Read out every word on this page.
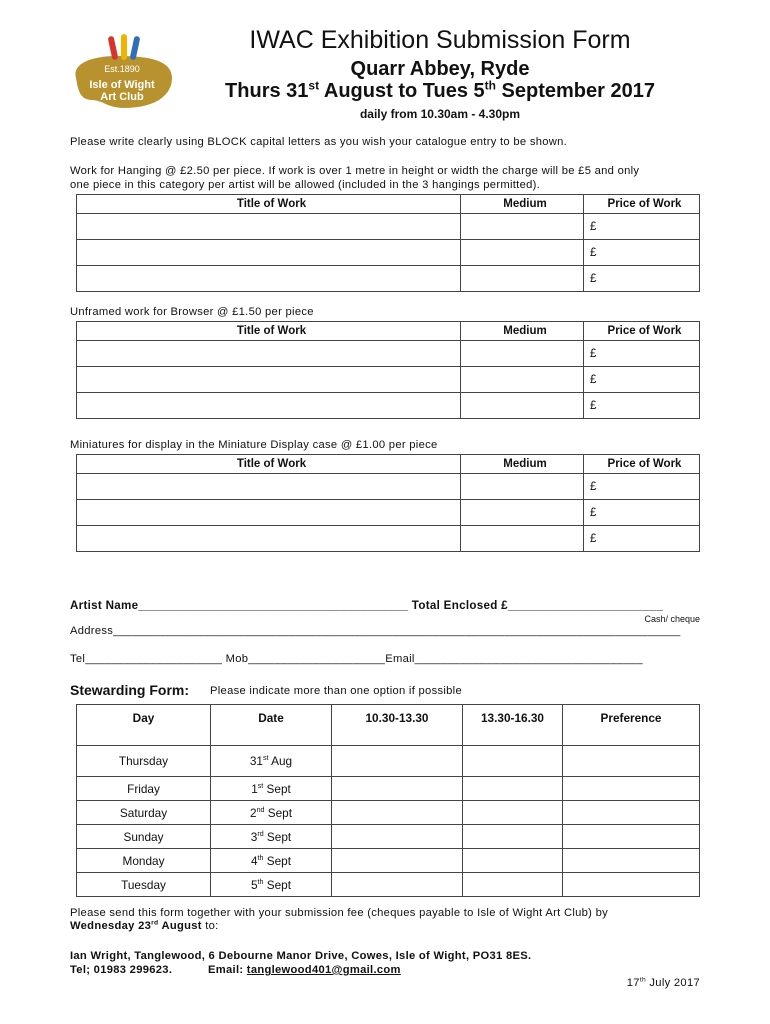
Est.1890
Isle of Wight
Art Club
IWAC Exhibition Submission Form
Quarr Abbey, Ryde
Thurs 31st August to Tues 5th September 2017
daily from 10.30am - 4.30pm
Please write clearly using BLOCK capital letters as you wish your catalogue entry to be shown.
Work for Hanging @ £2.50 per piece. If work is over 1 metre in height or width the charge will be £5 and only
one piece in this category per artist will be allowed (included in the 3 hangings permitted).
Title of Work	Medium	Price of Work
		£
		£
		£
Unframed work for Browser @ £1.50 per piece
Title of Work	Medium	Price of Work
		£
		£
		£
Miniatures for display in the Miniature Display case @ £1.00 per piece
Title of Work	Medium	Price of Work
		£
		£
		£
Artist Name________________________________________ Total Enclosed £_______________________
Cash/ cheque
Address_______________________________________________________________________________________
Tel_____________________ Mob_____________________Email___________________________________
Stewarding Form: Please indicate more than one option if possible
Day	Date	10.30-13.30	13.30-16.30	Preference
Thursday	31st Aug			
Friday	1st Sept			
Saturday	2nd Sept			
Sunday	3rd Sept			
Monday	4th Sept			
Tuesday	5th Sept			
Please send this form together with your submission fee (cheques payable to Isle of Wight Art Club) by
Wednesday 23rd August to:
Ian Wright, Tanglewood, 6 Debourne Manor Drive, Cowes, Isle of Wight, PO31 8ES.
Tel; 01983 299623.	Email: tanglewood401@gmail.com
17th July 2017
